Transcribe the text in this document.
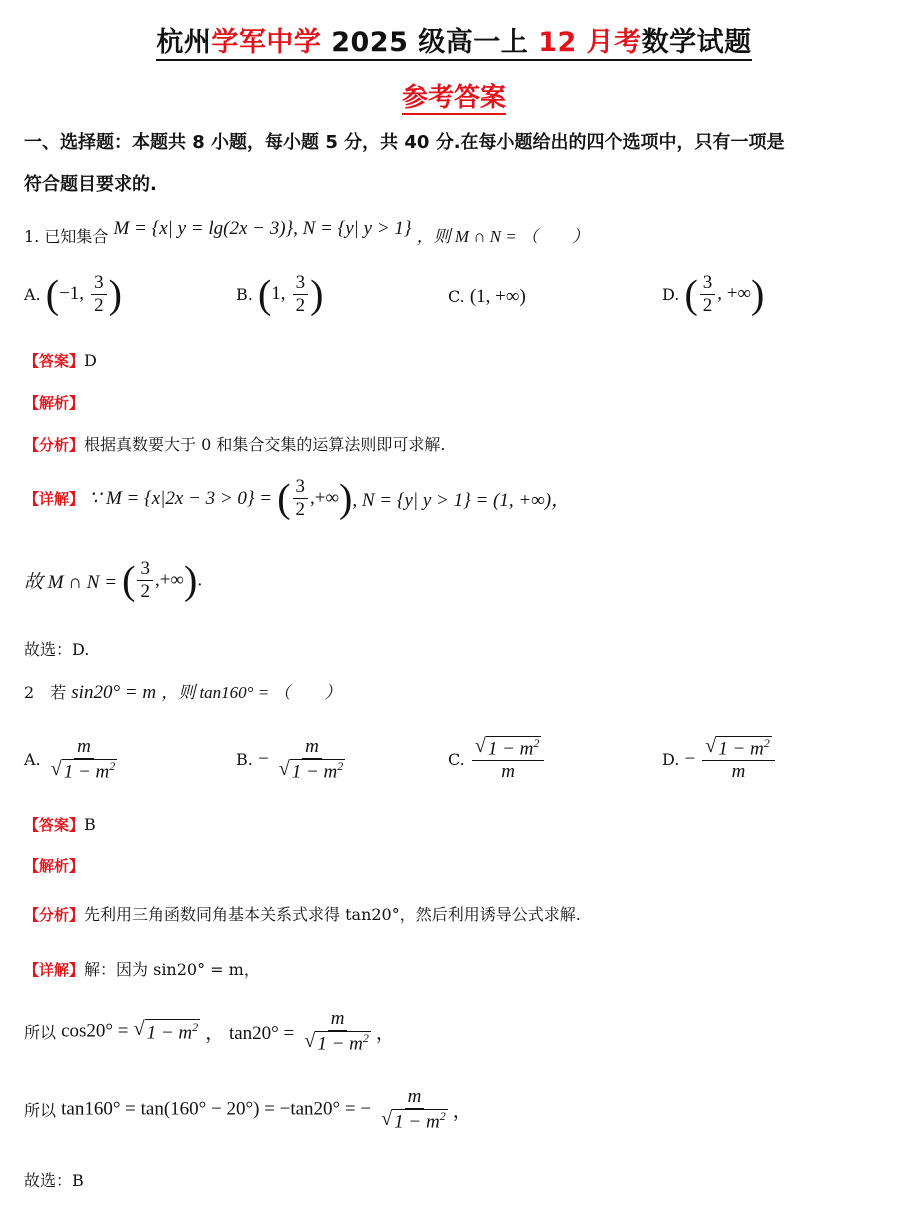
杭州学军中学 2025 级高一上 12 月考数学试题
参考答案
一、选择题：本题共 8 小题，每小题 5 分，共 40 分.在每小题给出的四个选项中，只有一项是
符合题目要求的.
1. 已知集合 M = {x| y = lg(2x − 3)}, N = {y| y > 1} ，则 M ∩ N = （　　）
A. (−1, $\frac{3}{2}$ )	B. (1, $\frac{3}{2}$ )	C. (1, +∞)	D. ( $\frac{3}{2}$ , +∞)
【答案】D
【解析】
【分析】根据真数要大于 0 和集合交集的运算法则即可求解.
【详解】 ∵ M = {x|2x − 3 > 0} = ( $\frac{3}{2}$ ,+∞), N = {y| y > 1} = (1, +∞)，
故 M ∩ N = ( $\frac{3}{2}$ ,+∞).
故选：D.
2　若 sin20° = m ，则 tan160° = （　　）
A. $\frac{m}{√ 1 - m^2}$	B. − $\frac{m}{√ 1 - m^2}$	C. $\frac{√ 1 - m^2}{m}$	D. − $\frac{√ 1 - m^2}{m}$
【答案】B
【解析】
【分析】先利用三角函数同角基本关系式求得 tan20°，然后利用诱导公式求解.
【详解】解：因为 sin20° = m，
所以 cos20° = √ $1 - m^2$ ， $\tan 20^\circ = \frac{m}{√ 1 - m^2}$ ，
所以 tan160° = tan(160° − 20°) = −tan20° = − $\frac{m}{√ 1 - m^2}$ ，
故选：B
